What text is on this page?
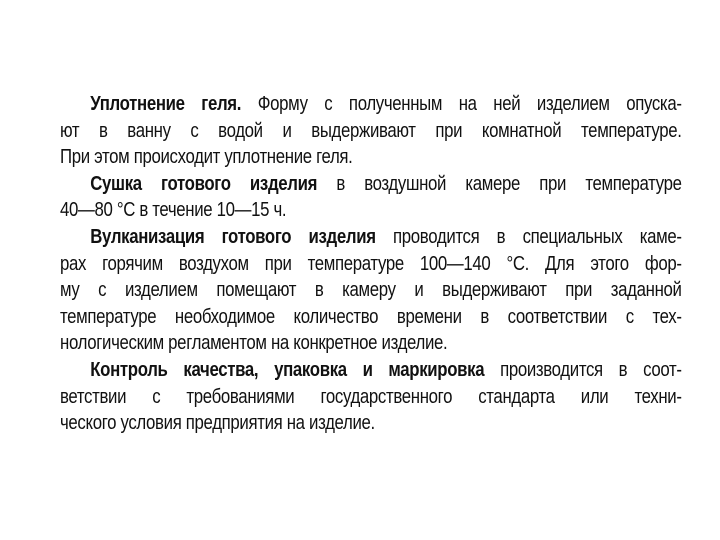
Уплотнение геля. Форму с полученным на ней изделием опуска-
ют в ванну с водой и выдерживают при комнатной температуре.
При этом происходит уплотнение геля.
Сушка готового изделия в воздушной камере при температуре
40—80 °С в течение 10—15 ч.
Вулканизация готового изделия проводится в специальных каме-
рах горячим воздухом при температуре 100—140 °С. Для этого фор-
му с изделием помещают в камеру и выдерживают при заданной
температуре необходимое количество времени в соответствии с тех-
нологическим регламентом на конкретное изделие.
Контроль качества, упаковка и маркировка производится в соот-
ветствии с требованиями государственного стандарта или техни-
ческого условия предприятия на изделие.
